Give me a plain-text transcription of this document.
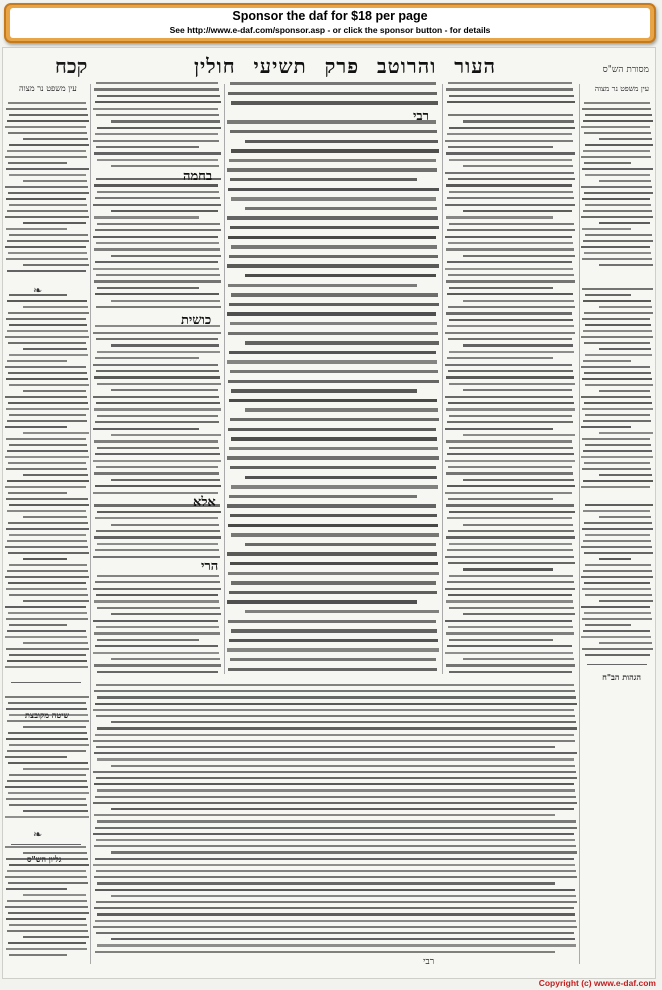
Sponsor the daf for $18 per page
See http://www.e-daf.com/sponsor.asp - or click the sponsor button - for details
מסורת הש"ס
העור והרוטב פרק תשיעי חולין
קכח
עין משפט נר מצוה
עין משפט נר מצוה
שיטה מקובצת
גליון הש"ס
הגהות הב"ח
רבי
בחמה
כושית
אלא
הרי
רבי
❧
❧
Copyright (c) www.e-daf.com
